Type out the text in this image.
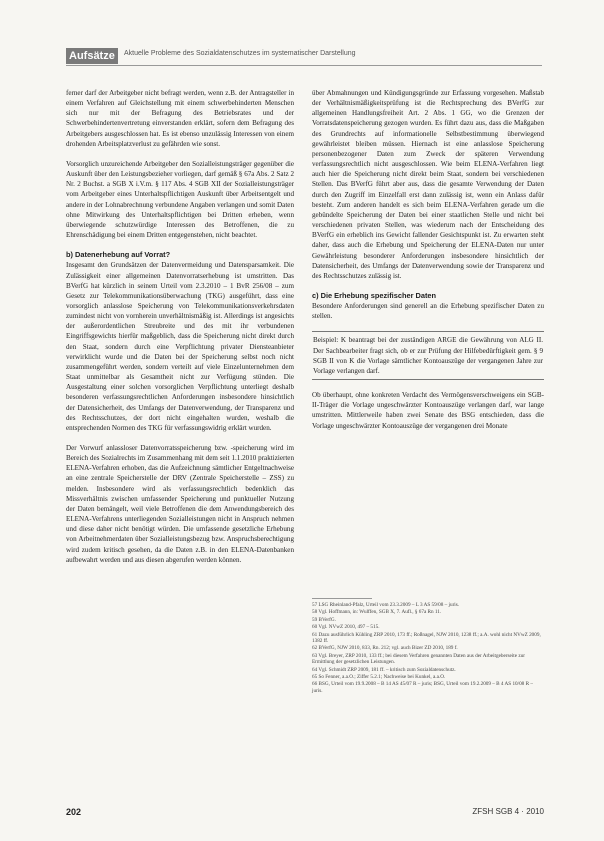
Aufsätze	Aktuelle Probleme des Sozialdatenschutzes im systematischer Darstellung

ferner darf der Arbeitgeber nicht befragt werden, wenn z.B. der Antragsteller in einem Verfahren auf Gleichstellung mit einem schwerbehinderten Menschen sich nur mit der Befragung des Betriebsrates und der Schwerbehindertenvertretung einverstanden erklärt, sofern dem Befragung des Arbeitgebers ausgeschlossen hat. Es ist ebenso unzulässig Interessen von einem drohenden Arbeitsplatzverlust zu gefährden wie sonst.

Vorsorglich unzureichende Arbeitgeber den Sozialleistungsträger gegenüber die Auskunft über den Leistungsbezieher vorliegen, darf gemäß § 67a Abs. 2 Satz 2 Nr. 2 Buchst. a SGB X i.V.m. § 117 Abs. 4 SGB XII der Sozialleistungsträger vom Arbeitgeber eines Unterhaltspflichtigen Auskunft über Arbeitsentgelt und andere in der Lohnabrechnung verbundene Angaben verlangen und somit Daten ohne Mitwirkung des Unterhaltspflichtigen bei Dritten erheben, wenn überwiegende schutzwürdige Interessen des Betroffenen, die zu Ehrenschädigung bei einem Dritten entgegenstehen, nicht beachtet.

b) Datenerhebung auf Vorrat?

Insgesamt den Grundsätzen der Datenvermeidung und Datensparsamkeit. Die Zulässigkeit einer allgemeinen Datenvorratserhebung ist umstritten. Das BVerfG hat kürzlich in seinem Urteil vom 2.3.2010 – 1 BvR 256/08 – zum Gesetz zur Telekommunikationsüberwachung (TKG) ausgeführt, dass eine vorsorglich anlasslose Speicherung von Telekommunikationsverkehrsdaten zumindest nicht von vornherein unverhältnismäßig ist. Allerdings ist angesichts der außerordentlichen Streubreite und des mit ihr verbundenen Eingriffsgewichts hierfür maßgeblich, dass die Speicherung nicht direkt durch den Staat, sondern durch eine Verpflichtung privater Diensteanbieter verwirklicht wurde und die Daten bei der Speicherung selbst noch nicht zusammengeführt werden, sondern verteilt auf viele Einzelunternehmen dem Staat unmittelbar als Gesamtheit nicht zur Verfügung stünden. Die Ausgestaltung einer solchen vorsorglichen Verpflichtung unterliegt deshalb besonderen verfassungsrechtlichen Anforderungen insbesondere hinsichtlich der Datensicherheit, des Umfangs der Datenverwendung, der Transparenz und des Rechtsschutzes, der dort nicht eingehalten wurden, weshalb die entsprechenden Normen des TKG für verfassungswidrig erklärt wurden.

Der Vorwurf anlassloser Datenvorratsspeicherung bzw. -speicherung wird im Bereich des Sozialrechts im Zusammenhang mit dem seit 1.1.2010 praktizierten ELENA-Verfahren erhoben, das die Aufzeichnung sämtlicher Entgeltnachweise an eine zentrale Speicherstelle der DRV (Zentrale Speicherstelle – ZSS) zu melden. Insbesondere wird als verfassungsrechtlich bedenklich das Missverhältnis zwischen umfassender Speicherung und punktueller Nutzung der Daten bemängelt, weil viele Betroffenen die dem Anwendungsbereich des ELENA-Verfahrens unterliegenden Sozialleistungen nicht in Anspruch nehmen und diese daher nicht benötigt würden. Die umfassende gesetzliche Erhebung von Arbeitnehmerdaten über Sozialleistungsbezug bzw. Anspruchsberechtigung wird zudem kritisch gesehen, da die Daten z.B. in den ELENA-Datenbanken aufbewahrt werden und aus diesen abgerufen werden können.

über Abmahnungen und Kündigungsgründe zur Erfassung vorgesehen. Maßstab der Verhältnismäßigkeitsprüfung ist die Rechtsprechung des BVerfG zur allgemeinen Handlungsfreiheit Art. 2 Abs. 1 GG, wo die Grenzen der Vorratsdatenspeicherung gezogen wurden. Es führt dazu aus, dass die Maßgaben des Grundrechts auf informationelle Selbstbestimmung überwiegend gewährleistet bleiben müssen. Hiernach ist eine anlasslose Speicherung personenbezogener Daten zum Zweck der späteren Verwendung verfassungsrechtlich nicht ausgeschlossen. Wie beim ELENA-Verfahren liegt auch hier die Speicherung nicht direkt beim Staat, sondern bei verschiedenen Stellen. Das BVerfG führt aber aus, dass die gesamte Verwendung der Daten durch den Zugriff im Einzelfall erst dann zulässig ist, wenn ein Anlass dafür besteht. Zum anderen handelt es sich beim ELENA-Verfahren gerade um die gebündelte Speicherung der Daten bei einer staatlichen Stelle und nicht bei verschiedenen privaten Stellen, was wiederum nach der Entscheidung des BVerfG ein erheblich ins Gewicht fallender Gesichtspunkt ist. Zu erwarten steht daher, dass auch die Erhebung und Speicherung der ELENA-Daten nur unter Gewährleistung besonderer Anforderungen insbesondere hinsichtlich der Datensicherheit, des Umfangs der Datenverwendung sowie der Transparenz und des Rechtsschutzes zulässig ist.

c) Die Erhebung spezifischer Daten

Besondere Anforderungen sind generell an die Erhebung spezifischer Daten zu stellen.

Beispiel: K beantragt bei der zuständigen ARGE die Gewährung von ALG II. Der Sachbearbeiter fragt sich, ob er zur Prüfung der Hilfebedürftigkeit gem. § 9 SGB II von K die Vorlage sämtlicher Kontoauszüge der vergangenen Jahre zur Vorlage verlangen darf.

Ob überhaupt, ohne konkreten Verdacht des Vermögensverschweigens ein SGB-II-Träger die Vorlage ungeschwärzter Kontoauszüge verlangen darf, war lange umstritten. Mittlerweile haben zwei Senate des BSG entschieden, dass die Vorlage ungeschwärzter Kontoauszüge der vergangenen drei Monate

57 LSG Rheinland-Pfalz, Urteil vom 23.3.2009 – L 3 AS 59/08 – juris.
58 Vgl. Hoffmann, in: Wulffen, SGB X, 7. Aufl., § 67a Rn 11.
59 BVerfG.
60 Vgl. NVwZ 2010, 497 – 515.
61 Dazu ausführlich Kühling ZRP 2010, 173 ff.; Roßnagel, NJW 2010, 1238 ff.; a.A. wohl nicht NVwZ 2009, 1382 ff.
62 BVerfG, NJW 2010, 833, Rn. 212; vgl. auch Bizer ZD 2010, 189 f.
63 Vgl. Breyer, ZRP 2010, 133 ff.; bei diesem Verfahren genannten Daten aus der Arbeitgeberseite zur Ermittlung der gesetzlichen Leistungen.
64 Vgl. Schmidt ZRP 2009, 181 ff. – kritisch zum Sozialdatenschutz.
65 So Fenner, a.a.O.; Ziffer 5.2.1; Nachweise bei Kunkel, a.a.O.
66 BSG, Urteil vom 19.9.2008 – B 14 AS 45/07 R – juris; BSG, Urteil vom 19.2.2009 – B 4 AS 10/08 R – juris.
202	ZFSH SGB 4 · 2010
